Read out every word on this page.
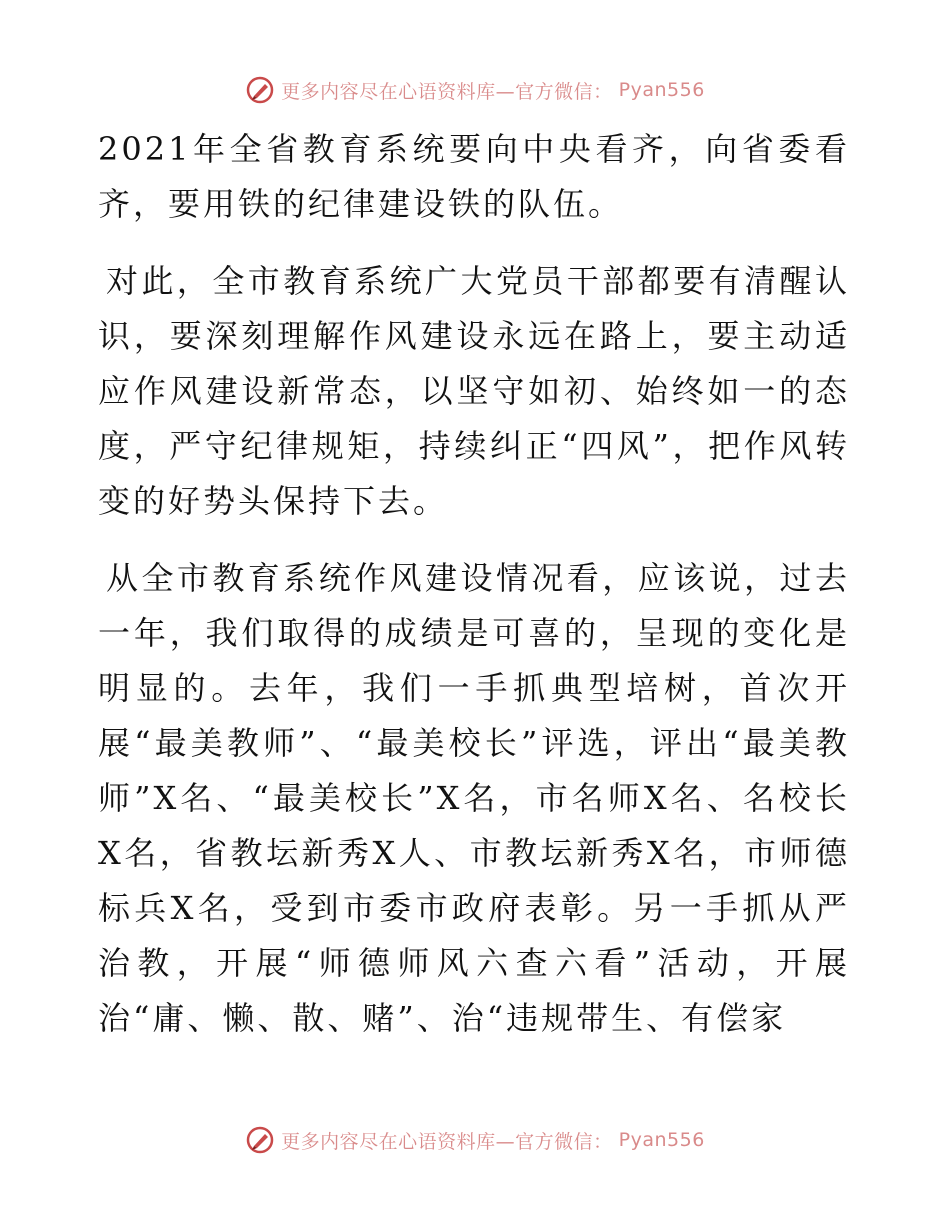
更多内容尽在心语资料库—官方微信： Pyan556

2021年全省教育系统要向中央看齐，向省委看齐，要用铁的纪律建设铁的队伍。

对此，全市教育系统广大党员干部都要有清醒认识，要深刻理解作风建设永远在路上，要主动适应作风建设新常态，以坚守如初、始终如一的态度，严守纪律规矩，持续纠正“四风”，把作风转变的好势头保持下去。

从全市教育系统作风建设情况看，应该说，过去一年，我们取得的成绩是可喜的，呈现的变化是明显的。去年，我们一手抓典型培树，首次开展“最美教师”、“最美校长”评选，评出“最美教师”X名、“最美校长”X名，市名师X名、名校长X名，省教坛新秀X人、市教坛新秀X名，市师德标兵X名，受到市委市政府表彰。另一手抓从严治教，开展“师德师风六查六看”活动，开展治“庸、懒、散、赌”、治“违规带生、有偿家

更多内容尽在心语资料库—官方微信： Pyan556
